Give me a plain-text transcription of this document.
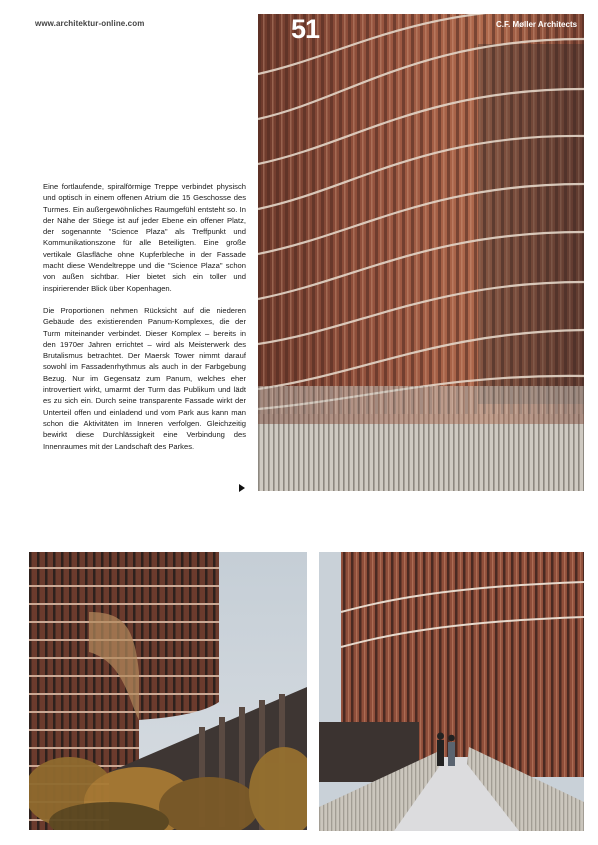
www.architektur-online.com

Eine fortlaufende, spiralförmige Treppe verbindet physisch und optisch in einem offenen Atrium die 15 Geschosse des Turmes. Ein außergewöhnliches Raumgefühl entsteht so. In der Nähe der Stiege ist auf jeder Ebene ein offener Platz, der sogenannte "Science Plaza" als Treffpunkt und Kommunikationszone für alle Beteiligten. Eine große vertikale Glasfläche ohne Kupferbleche in der Fassade macht diese Wendeltreppe und die "Science Plaza" schon von außen sichtbar. Hier bietet sich ein toller und inspirierender Blick über Kopenhagen.

Die Proportionen nehmen Rücksicht auf die niederen Gebäude des existierenden Panum-Komplexes, die der Turm miteinander verbindet. Dieser Komplex – bereits in den 1970er Jahren errichtet – wird als Meisterwerk des Brutalismus betrachtet. Der Maersk Tower nimmt darauf sowohl im Fassadenrhythmus als auch in der Farbgebung Bezug. Nur im Gegensatz zum Panum, welches eher introvertiert wirkt, umarmt der Turm das Publikum und lädt es zu sich ein. Durch seine transparente Fassade wirkt der Unterteil offen und einladend und vom Park aus kann man schon die Aktivitäten im Inneren verfolgen. Gleichzeitig bewirkt diese Durchlässigkeit eine Verbindung des Innenraumes mit der Landschaft des Parkes.

51	C.F. Møller Architects
